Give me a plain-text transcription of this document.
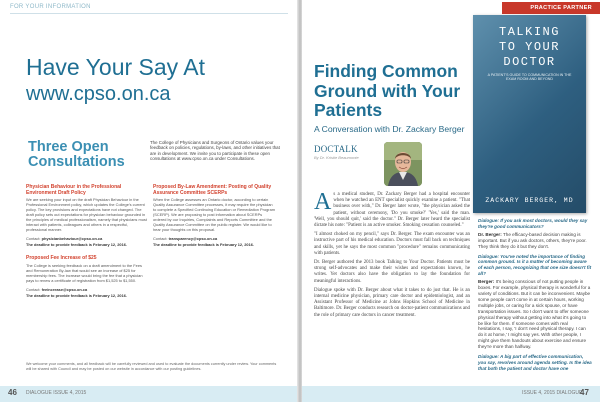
FOR YOUR INFORMATION
Have Your Say At
www.cpso.on.ca
Three Open Consultations
The College of Physicians and Surgeons of Ontario values your feedback on policies, regulations, by-laws, and other initiatives that are in development. We invite you to participate in these open consultations at www.cpso.on.ca under Consultations.
Physician Behaviour in the Professional Environment Draft Policy
We are seeking your input on the draft Physician Behaviour in the Professional Environment policy, which updates the College's current policy. The key provisions and expectations have not changed. The draft policy sets out expectations for physician behaviour grounded in the principles of medical professionalism, namely that physicians must interact with patients, colleagues and others in a respectful, professional manner.
Contact: physicianbehaviour@cpso.on.ca
The deadline to provide feedback is February 12, 2016.
Proposed Fee Increase of $25
The College is seeking feedback on a draft amendment to the Fees and Remuneration By-law that would see an increase of $25 for membership fees. The increase would bring the fee that a physician pays to renew a certificate of registration from $1,525 to $1,550.
Contact: feeincrease@cpso.on.ca
The deadline to provide feedback is February 12, 2016.
Proposed By-Law Amendment: Posting of Quality Assurance Committee SCERPs
When the College assesses an Ontario doctor, according to certain Quality Assurance Committee processes, it may require the physician to complete a Specified Continuing Education or Remediation Program (SCERP). We are proposing to post information about SCERPs ordered by our Inquiries, Complaints and Reports Committee and the Quality Assurance Committee on the public register. We would like to hear your thoughts on this proposal.
Contact: transparency@cpso.on.ca
The deadline to provide feedback is February 12, 2016.
We welcome your comments, and all feedback will be carefully reviewed and used to evaluate the documents currently under review. Your comments will be shared with Council and may be posted on our website in accordance with our posting guidelines.
46 DIALOGUE ISSUE 4, 2015
PRACTICE PARTNER
Finding Common Ground with Your Patients
A Conversation with Dr. Zackary Berger
DOCTALK
By Dr. Kristie Beaumonte
TALKING
TO YOUR
DOCTOR
A PATIENT'S GUIDE TO COMMUNICATION IN THE EXAM ROOM AND BEYOND
ZACKARY BERGER, MD

As a medical student, Dr. Zackary Berger had a hospital encounter when he watched an ENT specialist quickly examine a patient. "That business over with," Dr. Berger later wrote, "the physician asked the patient, without ceremony, 'Do you smoke?' 'Yes,' said the man. 'Well, you should quit,' said the doctor." Dr. Berger later heard the specialist dictate his note: "Patient is an active smoker. Smoking cessation counseled."

"I almost choked on my pencil," says Dr. Berger. The exam encounter was an instructive part of his medical education. Doctors must fall back on techniques and skills, yet he says the most common "procedure" remains communicating with patients.

Dr. Berger authored the 2013 book Talking to Your Doctor. Patients must be strong self-advocates and make their wishes and expectations known, he writes. Yet doctors also have the obligation to lay the foundation for meaningful interactions.

Dialogue spoke with Dr. Berger about what it takes to do just that. He is an internal medicine physician, primary care doctor and epidemiologist, and an Assistant Professor of Medicine at Johns Hopkins School of Medicine in Baltimore. Dr. Berger conducts research on doctor-patient communications and the role of primary care doctors in cancer treatment.

Dialogue: If you ask most doctors, would they say they're good communicators?
Dr. Berger: The efficacy-based decision making is important. But if you ask doctors, others, they're poor. They think they do it but they don't.
Dialogue: You've noted the importance of finding common ground. Is it a matter of becoming aware of each person, recognizing that one size doesn't fit all?
Berger: It's being conscious of not putting people in boxes. For example, physical therapy is wonderful for a variety of conditions. But it can be inconvenient. Maybe some people can't come in at certain hours, working multiple jobs, or caring for a sick spouse, or have transportation issues. So I don't want to offer someone physical therapy without getting into what it's going to be like for them. If someone comes with real hesitations, I say, 'I don't need physical therapy. I can do it at home,' I might say yes. With other people, I might give them handouts about exercise and ensure they're more than halfway.
Dialogue: A big part of effective communication, you say, revolves around agenda setting. Is the idea that both the patient and doctor have one
ISSUE 4, 2015 DIALOGUE
47
